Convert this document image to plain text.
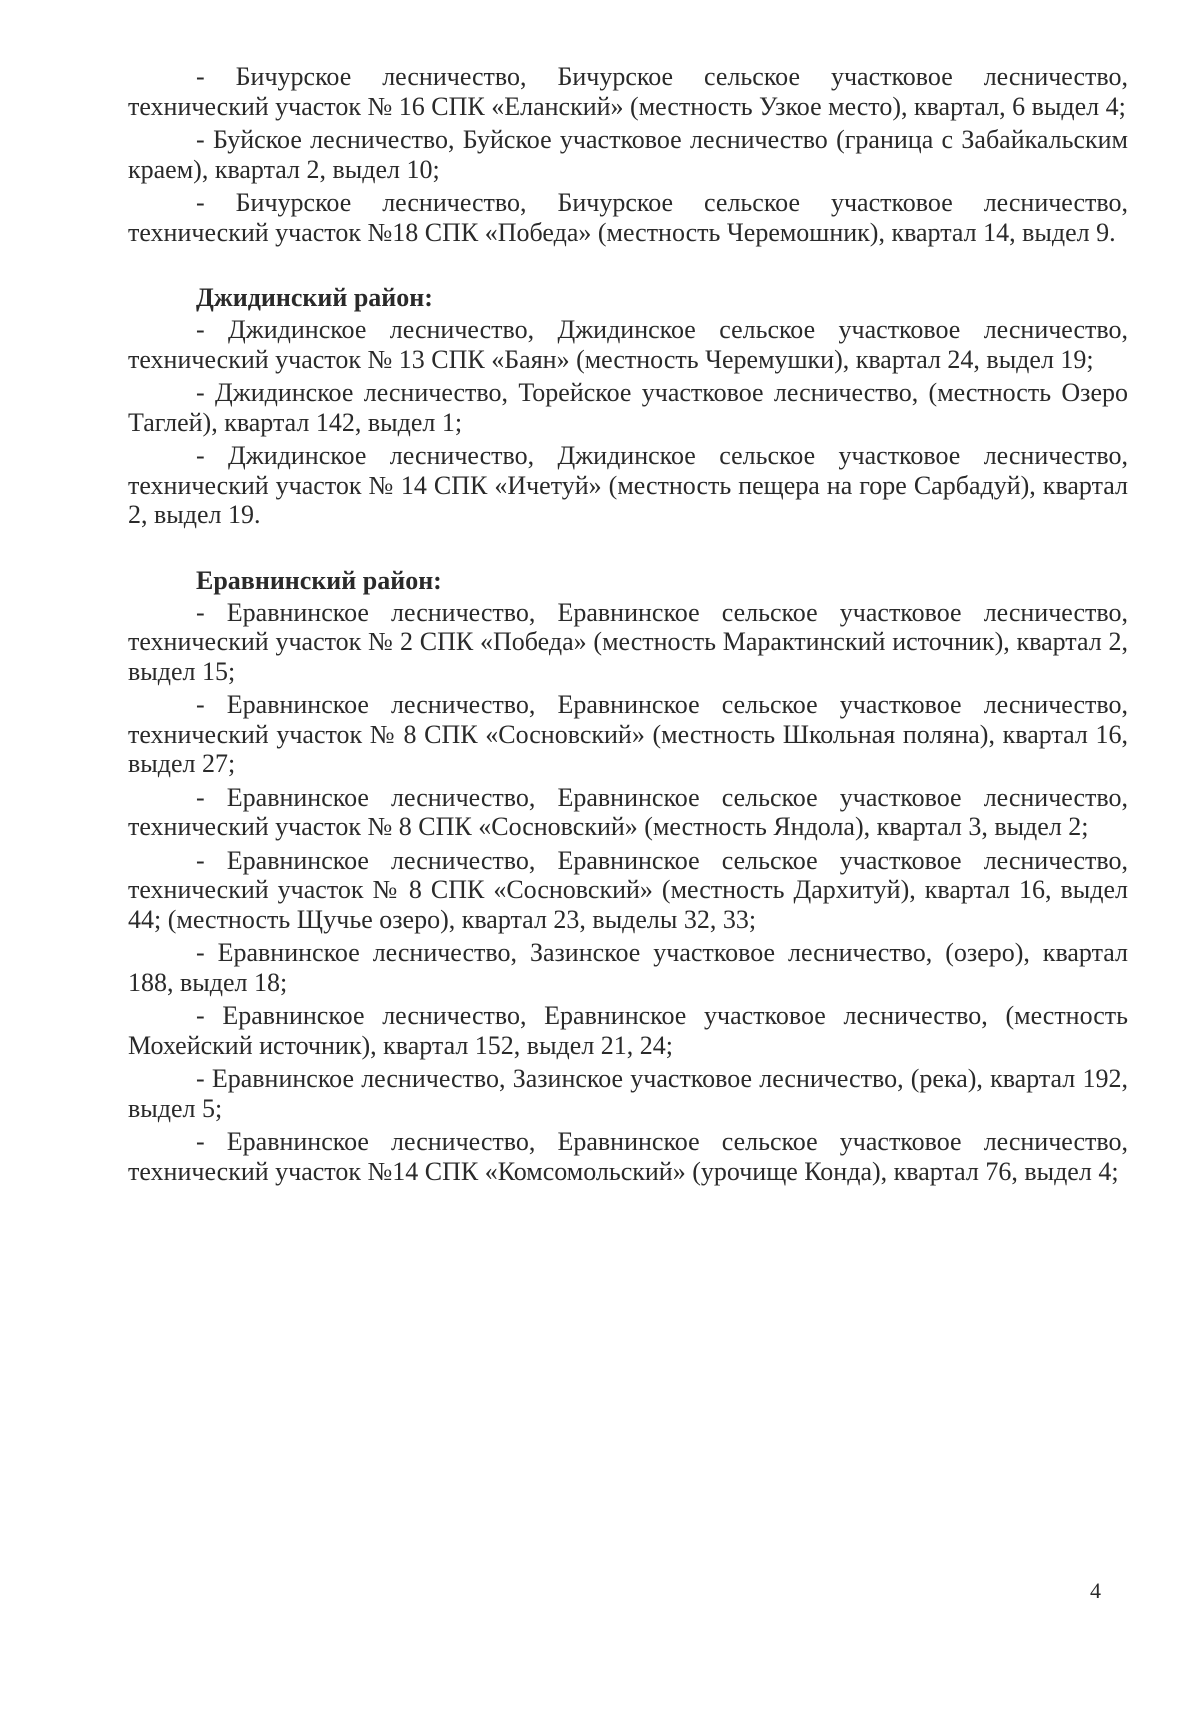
- Бичурское лесничество, Бичурское сельское участковое лесничество, технический участок № 16 СПК «Еланский» (местность Узкое место), квартал, 6 выдел 4;

- Буйское лесничество, Буйское участковое лесничество (граница с Забайкальским краем), квартал 2, выдел 10;

- Бичурское лесничество, Бичурское сельское участковое лесничество, технический участок №18 СПК «Победа» (местность Черемошник), квартал 14, выдел 9.

Джидинский район:

- Джидинское лесничество, Джидинское сельское участковое лесничество, технический участок № 13 СПК «Баян» (местность Черемушки), квартал 24, выдел 19;

- Джидинское лесничество, Торейское участковое лесничество, (местность Озеро Таглей), квартал 142, выдел 1;

- Джидинское лесничество, Джидинское сельское участковое лесничество, технический участок № 14 СПК «Ичетуй» (местность пещера на горе Сарбадуй), квартал 2, выдел 19.

Еравнинский район:

- Еравнинское лесничество, Еравнинское сельское участковое лесничество, технический участок № 2 СПК «Победа» (местность Марактинский источник), квартал 2, выдел 15;

- Еравнинское лесничество, Еравнинское сельское участковое лесничество, технический участок № 8 СПК «Сосновский» (местность Школьная поляна), квартал 16, выдел 27;

- Еравнинское лесничество, Еравнинское сельское участковое лесничество, технический участок № 8 СПК «Сосновский» (местность Яндола), квартал 3, выдел 2;

- Еравнинское лесничество, Еравнинское сельское участковое лесничество, технический участок № 8 СПК «Сосновский» (местность Дархитуй), квартал 16, выдел 44; (местность Щучье озеро), квартал 23, выделы 32, 33;

- Еравнинское лесничество, Зазинское участковое лесничество, (озеро), квартал 188, выдел 18;

- Еравнинское лесничество, Еравнинское участковое лесничество, (местность Мохейский источник), квартал 152, выдел 21, 24;

- Еравнинское лесничество, Зазинское участковое лесничество, (река), квартал 192, выдел 5;

- Еравнинское лесничество, Еравнинское сельское участковое лесничество, технический участок №14 СПК «Комсомольский» (урочище Конда), квартал 76, выдел 4;

4
